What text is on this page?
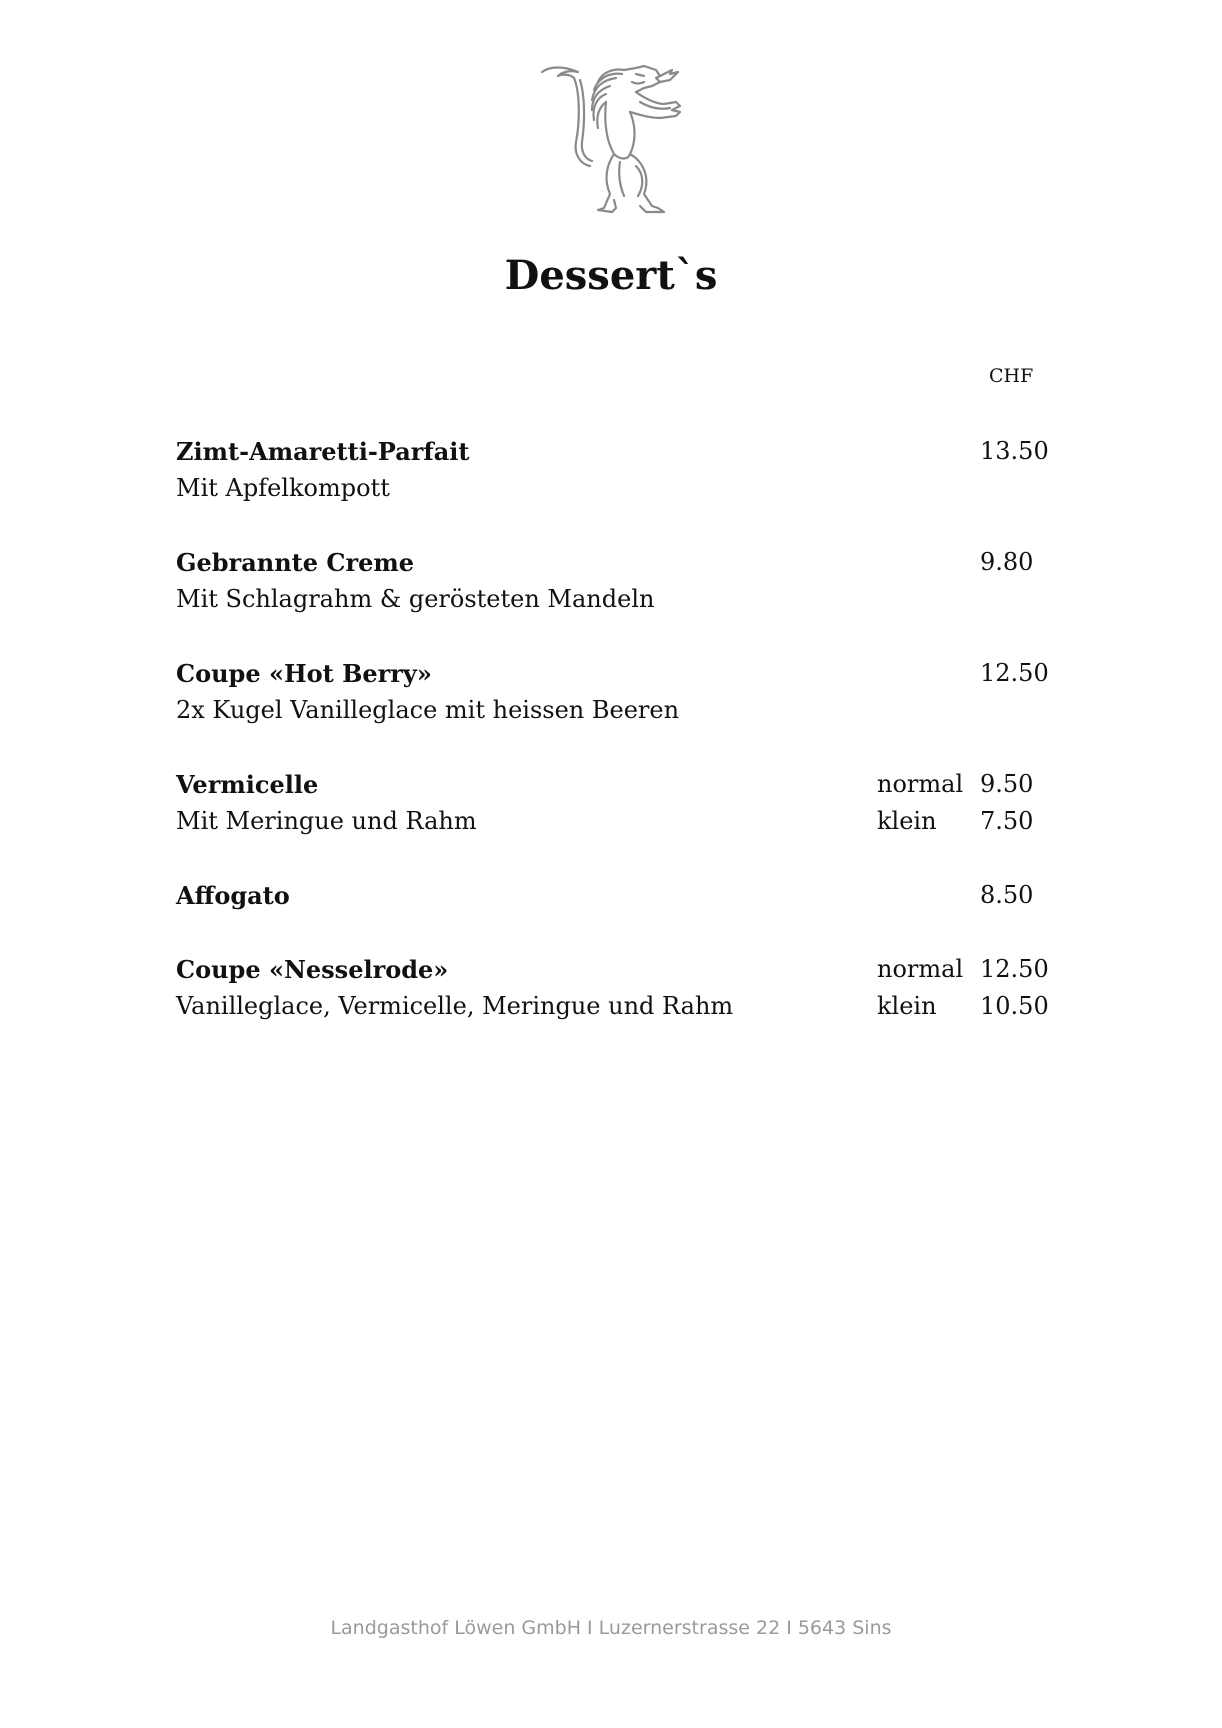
Dessert`s
CHF
Zimt-Amaretti-Parfait	13.50
Mit Apfelkompott
Gebrannte Creme	9.80
Mit Schlagrahm & gerösteten Mandeln
Coupe «Hot Berry»	12.50
2x Kugel Vanilleglace mit heissen Beeren
Vermicelle	normal 9.50
Mit Meringue und Rahm	klein 7.50
Affogato	8.50
Coupe «Nesselrode»	normal 12.50
Vanilleglace, Vermicelle, Meringue und Rahm	klein 10.50
Landgasthof Löwen GmbH I Luzernerstrasse 22 I 5643 Sins
